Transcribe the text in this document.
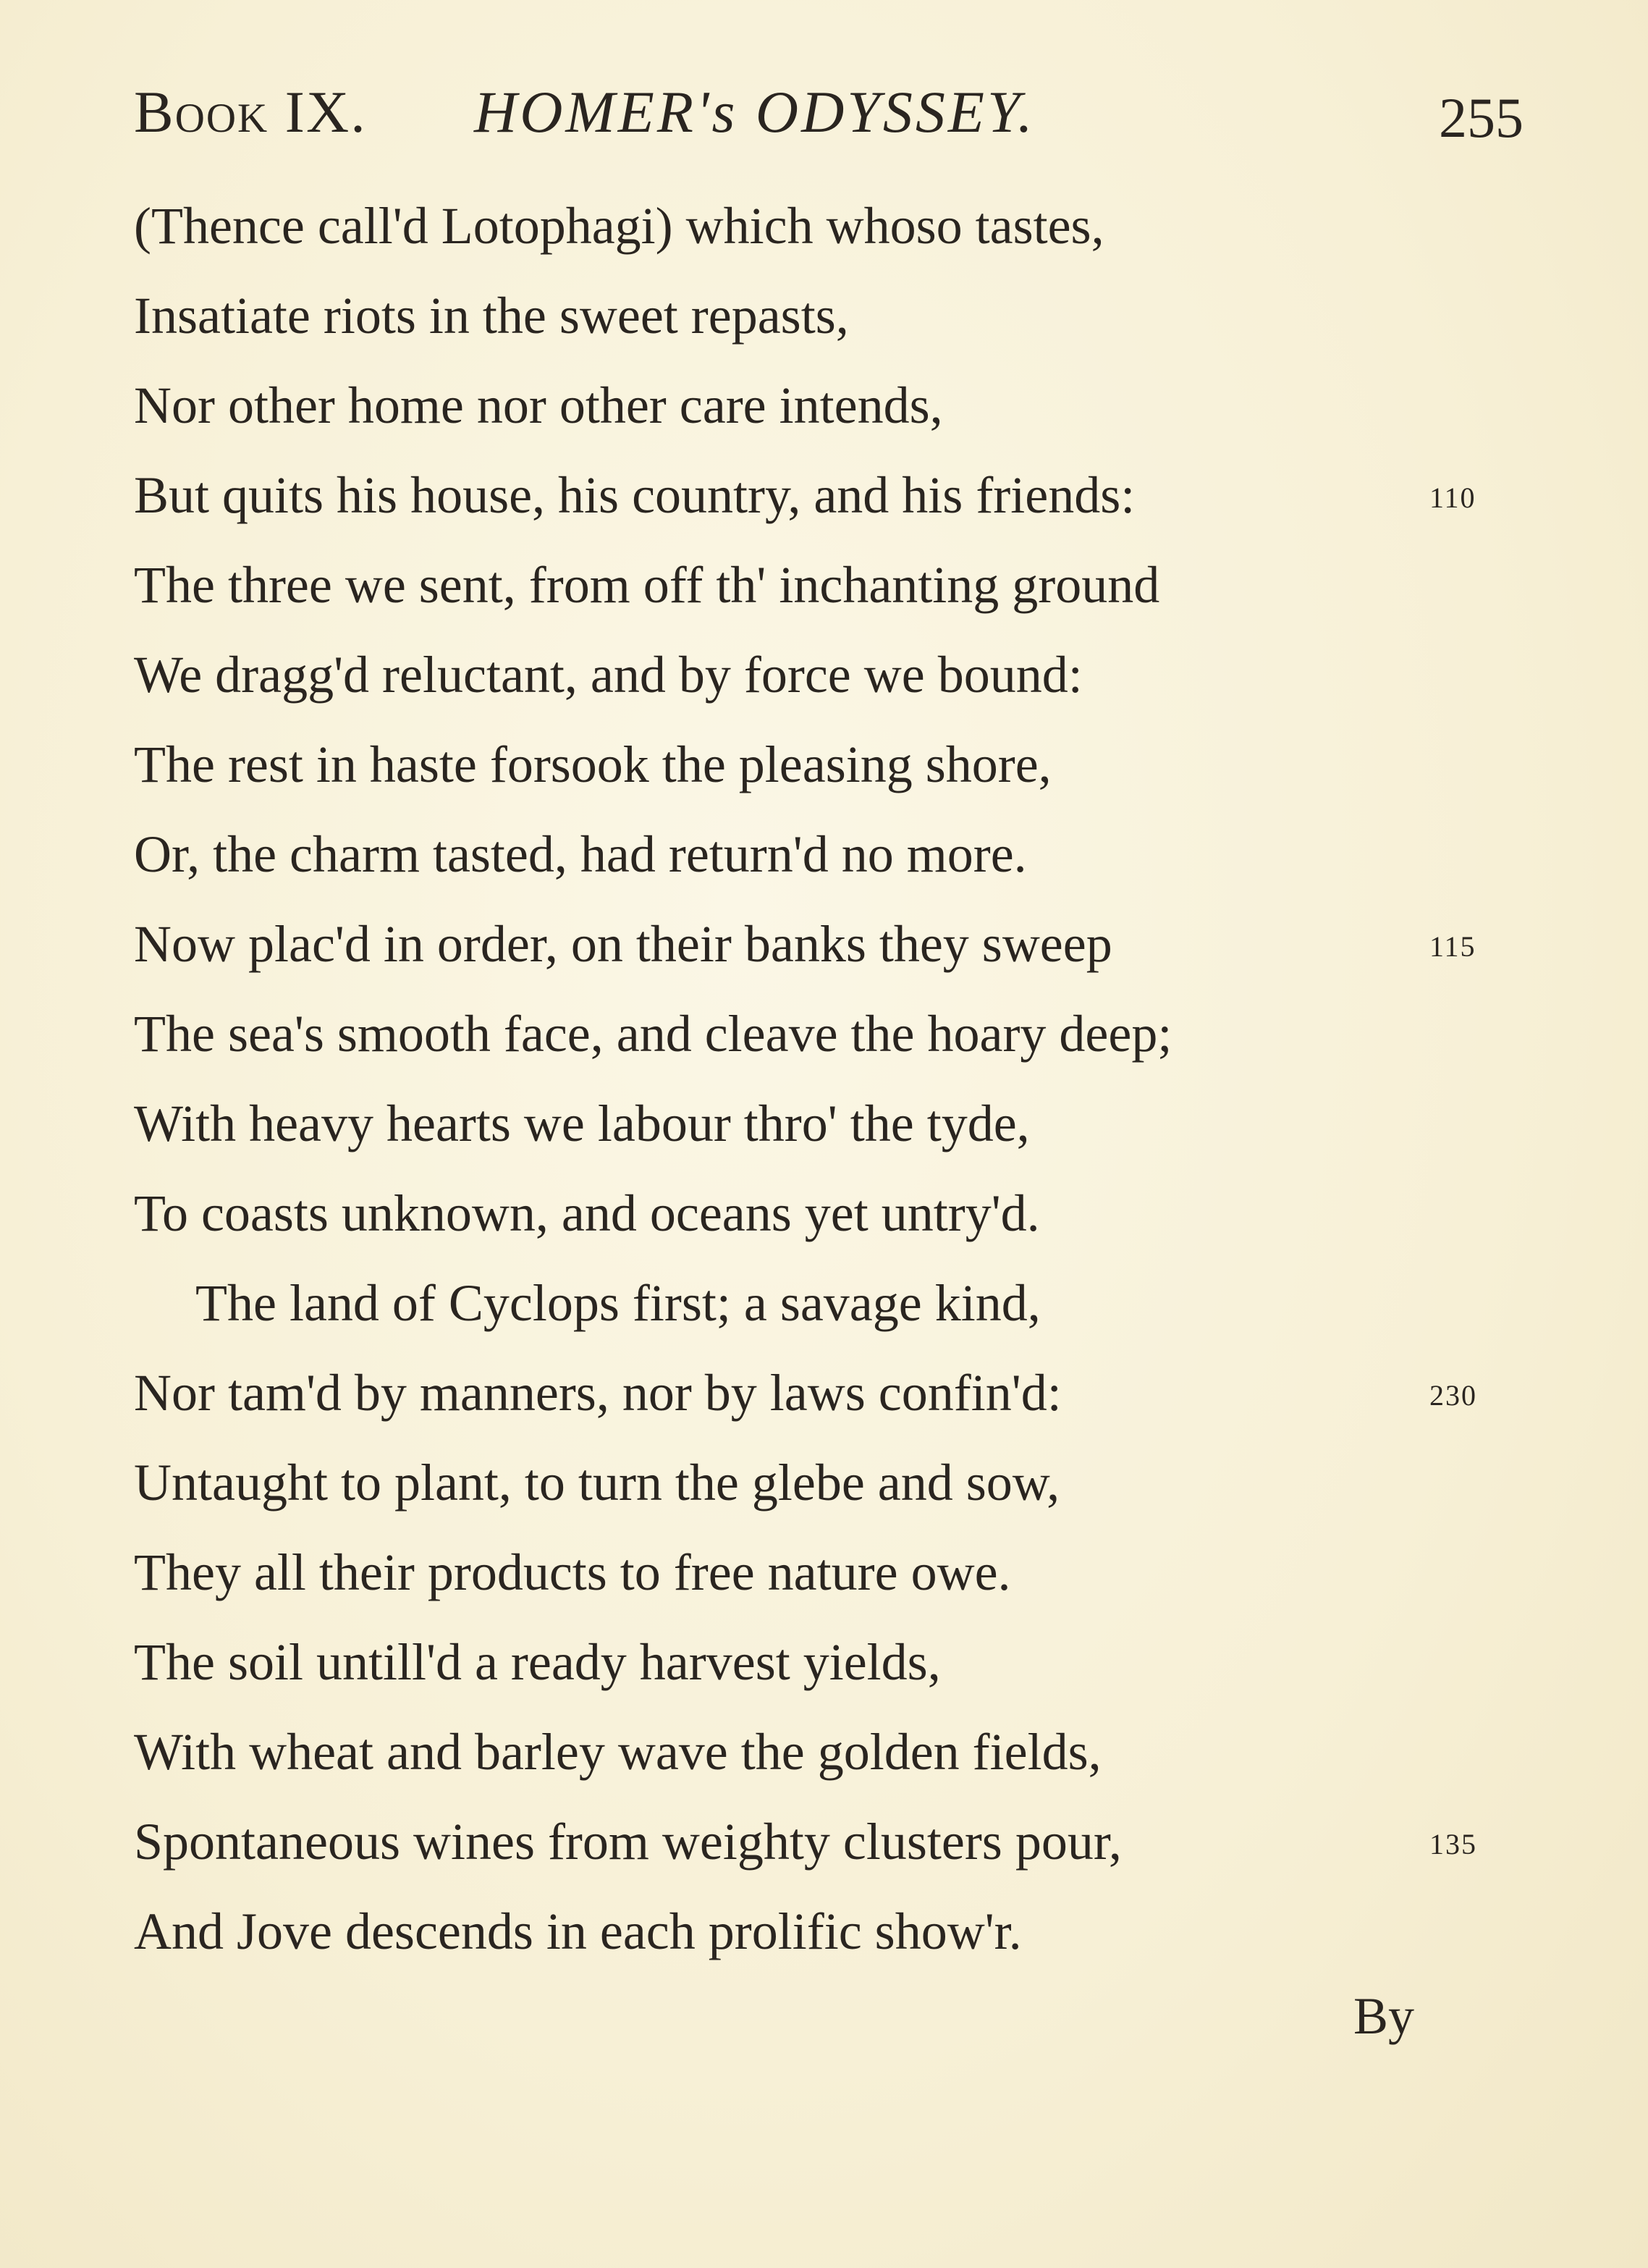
Book IX. HOMER's ODYSSEY.	255
(Thence call'd Lotophagi) which whoso tastes,
Insatiate riots in the sweet repasts,
Nor other home nor other care intends,
But quits his house, his country, and his friends:	110
The three we sent, from off th' inchanting ground
We dragg'd reluctant, and by force we bound:
The rest in haste forsook the pleasing shore,
Or, the charm tasted, had return'd no more.
Now plac'd in order, on their banks they sweep	115
The sea's smooth face, and cleave the hoary deep;
With heavy hearts we labour thro' the tyde,
To coasts unknown, and oceans yet untry'd.
The land of Cyclops first; a savage kind,
Nor tam'd by manners, nor by laws confin'd:	230
Untaught to plant, to turn the glebe and sow,
They all their products to free nature owe.
The soil untill'd a ready harvest yields,
With wheat and barley wave the golden fields,
Spontaneous wines from weighty clusters pour,	135
And Jove descends in each prolific show'r.
By
